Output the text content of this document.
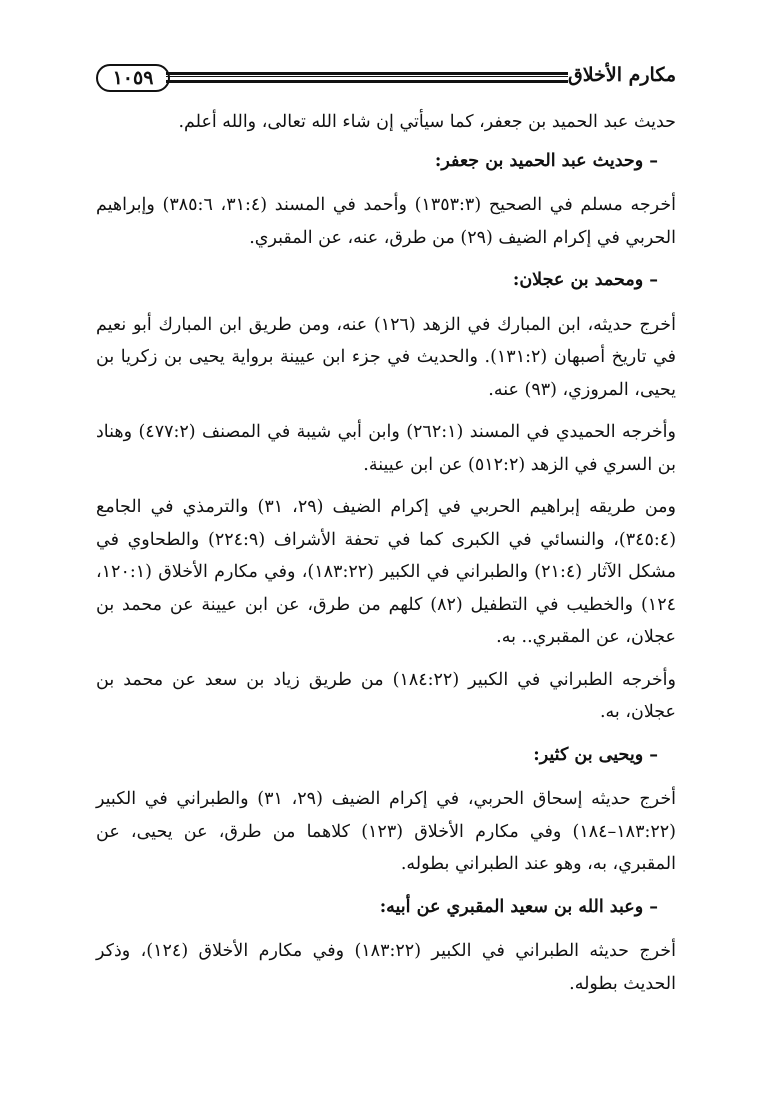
١٠٥٩	مكارم الأخلاق

حديث عبد الحميد بن جعفر، كما سيأتي إن شاء الله تعالى، والله أعلم.

– وحديث عبد الحميد بن جعفر:

أخرجه مسلم في الصحيح (١٣٥٣:٣) وأحمد في المسند (٣١:٤، ٣٨٥:٦) وإبراهيم الحربي في إكرام الضيف (٢٩) من طرق، عنه، عن المقبري.

– ومحمد بن عجلان:

أخرج حديثه، ابن المبارك في الزهد (١٢٦) عنه، ومن طريق ابن المبارك أبو نعيم في تاريخ أصبهان (١٣١:٢). والحديث في جزء ابن عيينة برواية يحيى بن زكريا بن يحيى، المروزي، (٩٣) عنه.

وأخرجه الحميدي في المسند (٢٦٢:١) وابن أبي شيبة في المصنف (٤٧٧:٢) وهناد بن السري في الزهد (٥١٢:٢) عن ابن عيينة.

ومن طريقه إبراهيم الحربي في إكرام الضيف (٢٩، ٣١) والترمذي في الجامع (٣٤٥:٤)، والنسائي في الكبرى كما في تحفة الأشراف (٢٢٤:٩) والطحاوي في مشكل الآثار (٢١:٤) والطبراني في الكبير (١٨٣:٢٢)، وفي مكارم الأخلاق (١٢٠:١، ١٢٤) والخطيب في التطفيل (٨٢) كلهم من طرق، عن ابن عيينة عن محمد بن عجلان، عن المقبري.. به.

وأخرجه الطبراني في الكبير (١٨٤:٢٢) من طريق زياد بن سعد عن محمد بن عجلان، به.

– ويحيى بن كثير:

أخرج حديثه إسحاق الحربي، في إكرام الضيف (٢٩، ٣١) والطبراني في الكبير (١٨٣:٢٢–١٨٤) وفي مكارم الأخلاق (١٢٣) كلاهما من طرق، عن يحيى، عن المقبري، به، وهو عند الطبراني بطوله.

– وعبد الله بن سعيد المقبري عن أبيه:

أخرج حديثه الطبراني في الكبير (١٨٣:٢٢) وفي مكارم الأخلاق (١٢٤)، وذكر الحديث بطوله.
